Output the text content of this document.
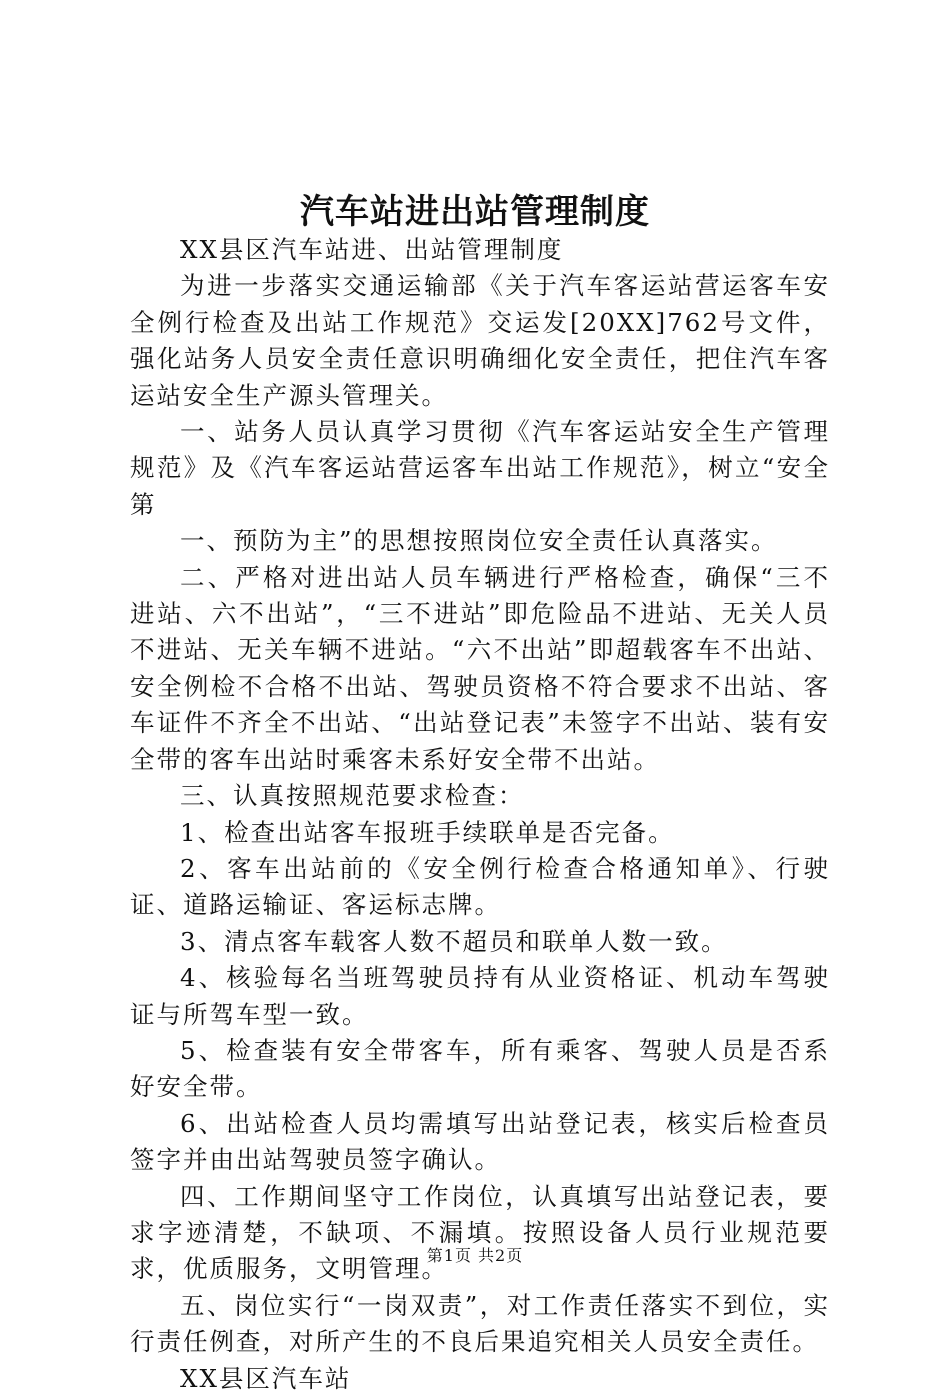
汽车站进出站管理制度

XX县区汽车站进、出站管理制度

为进一步落实交通运输部《关于汽车客运站营运客车安全例行检查及出站工作规范》交运发[20XX]762号文件，强化站务人员安全责任意识明确细化安全责任，把住汽车客运站安全生产源头管理关。

一、站务人员认真学习贯彻《汽车客运站安全生产管理规范》及《汽车客运站营运客车出站工作规范》，树立“安全第

一、预防为主”的思想按照岗位安全责任认真落实。

二、严格对进出站人员车辆进行严格检查，确保“三不进站、六不出站”，“三不进站”即危险品不进站、无关人员不进站、无关车辆不进站。“六不出站”即超载客车不出站、安全例检不合格不出站、驾驶员资格不符合要求不出站、客车证件不齐全不出站、“出站登记表”未签字不出站、装有安全带的客车出站时乘客未系好安全带不出站。

三、认真按照规范要求检查：

1、检查出站客车报班手续联单是否完备。

2、客车出站前的《安全例行检查合格通知单》、行驶证、道路运输证、客运标志牌。

3、清点客车载客人数不超员和联单人数一致。

4、核验每名当班驾驶员持有从业资格证、机动车驾驶证与所驾车型一致。

5、检查装有安全带客车，所有乘客、驾驶人员是否系好安全带。

6、出站检查人员均需填写出站登记表，核实后检查员签字并由出站驾驶员签字确认。

四、工作期间坚守工作岗位，认真填写出站登记表，要求字迹清楚，不缺项、不漏填。按照设备人员行业规范要求，优质服务，文明管理。

五、岗位实行“一岗双责”，对工作责任落实不到位，实行责任例查，对所产生的不良后果追究相关人员安全责任。

XX县区汽车站

第1页 共2页
